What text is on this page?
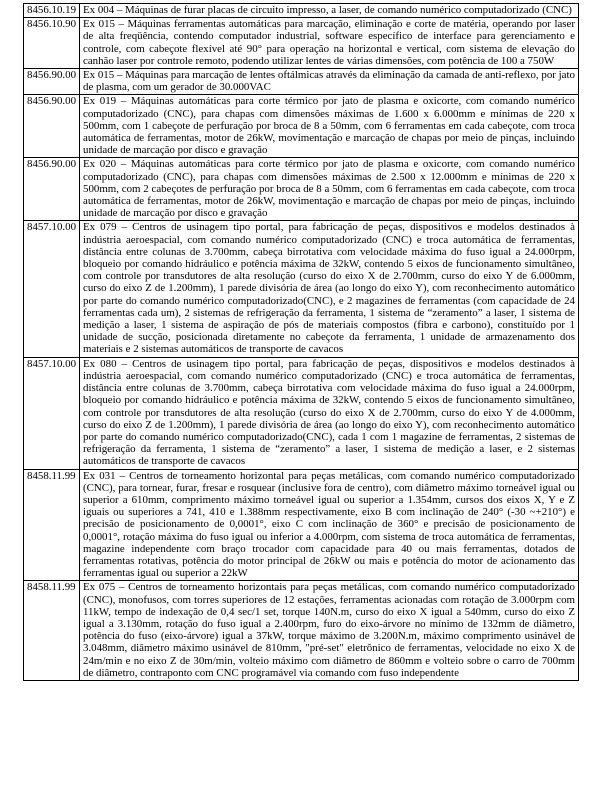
8456.10.19	Ex 004 – Máquinas de furar placas de circuito impresso, a laser, de comando numérico computadorizado (CNC)
8456.10.90	Ex 015 – Máquinas ferramentas automáticas para marcação, eliminação e corte de matéria, operando por laser de alta freqüência, contendo computador industrial, software específico de interface para gerenciamento e controle, com cabeçote flexível até 90° para operação na horizontal e vertical, com sistema de elevação do canhão laser por controle remoto, podendo utilizar lentes de várias dimensões, com potência de 100 a 750W
8456.90.00	Ex 015 – Máquinas para marcação de lentes oftálmicas através da eliminação da camada de anti-reflexo, por jato de plasma, com um gerador de 30.000VAC
8456.90.00	Ex 019 – Máquinas automáticas para corte térmico por jato de plasma e oxicorte, com comando numérico computadorizado (CNC), para chapas com dimensões máximas de 1.600 x 6.000mm e mínimas de 220 x 500mm, com 1 cabeçote de perfuração por broca de 8 a 50mm, com 6 ferramentas em cada cabeçote, com troca automática de ferramentas, motor de 26kW, movimentação e marcação de chapas por meio de pinças, incluindo unidade de marcação por disco e gravação
8456.90.00	Ex 020 – Máquinas automáticas para corte térmico por jato de plasma e oxicorte, com comando numérico computadorizado (CNC), para chapas com dimensões máximas de 2.500 x 12.000mm e mínimas de 220 x 500mm, com 2 cabeçotes de perfuração por broca de 8 a 50mm, com 6 ferramentas em cada cabeçote, com troca automática de ferramentas, motor de 26kW, movimentação e marcação de chapas por meio de pinças, incluindo unidade de marcação por disco e gravação
8457.10.00	Ex 079 – Centros de usinagem tipo portal, para fabricação de peças, dispositivos e modelos destinados à indústria aeroespacial, com comando numérico computadorizado (CNC) e troca automática de ferramentas, distância entre colunas de 3.700mm, cabeça birrotativa com velocidade máxima do fuso igual a 24.000rpm, bloqueio por comando hidráulico e potência máxima de 32kW, contendo 5 eixos de funcionamento simultâneo, com controle por transdutores de alta resolução (curso do eixo X de 2.700mm, curso do eixo Y de 6.000mm, curso do eixo Z de 1.200mm), 1 parede divisória de área (ao longo do eixo Y), com reconhecimento automático por parte do comando numérico computadorizado(CNC), e 2 magazines de ferramentas (com capacidade de 24 ferramentas cada um), 2 sistemas de refrigeração da ferramenta, 1 sistema de “zeramento” a laser, 1 sistema de medição a laser, 1 sistema de aspiração de pós de materiais compostos (fibra e carbono), constituído por 1 unidade de sucção, posicionada diretamente no cabeçote da ferramenta, 1 unidade de armazenamento dos materiais e 2 sistemas automáticos de transporte de cavacos
8457.10.00	Ex 080 – Centros de usinagem tipo portal, para fabricação de peças, dispositivos e modelos destinados à indústria aeroespacial, com comando numérico computadorizado (CNC) e troca automática de ferramentas, distância entre colunas de 3.700mm, cabeça birrotativa com velocidade máxima do fuso igual a 24.000rpm, bloqueio por comando hidráulico e potência máxima de 32kW, contendo 5 eixos de funcionamento simultâneo, com controle por transdutores de alta resolução (curso do eixo X de 2.700mm, curso do eixo Y de 4.000mm, curso do eixo Z de 1.200mm), 1 parede divisória de área (ao longo do eixo Y), com reconhecimento automático por parte do comando numérico computadorizado(CNC), cada 1 com 1 magazine de ferramentas, 2 sistemas de refrigeração da ferramenta, 1 sistema de “zeramento” a laser, 1 sistema de medição a laser, e 2 sistemas automáticos de transporte de cavacos
8458.11.99	Ex 031 – Centros de torneamento horizontal para peças metálicas, com comando numérico computadorizado (CNC), para tornear, furar, fresar e rosquear (inclusive fora de centro), com diâmetro máximo torneável igual ou superior a 610mm, comprimento máximo torneável igual ou superior a 1.354mm, cursos dos eixos X, Y e Z iguais ou superiores a 741, 410 e 1.388mm respectivamente, eixo B com inclinação de 240° (-30 ~+210°) e precisão de posicionamento de 0,0001°, eixo C com inclinação de 360° e precisão de posicionamento de 0,0001°, rotação máxima do fuso igual ou inferior a 4.000rpm, com sistema de troca automática de ferramentas, magazine independente com braço trocador com capacidade para 40 ou mais ferramentas, dotados de ferramentas rotativas, potência do motor principal de 26kW ou mais e potência do motor de acionamento das ferramentas igual ou superior a 22kW
8458.11.99	Ex 075 – Centros de torneamento horizontais para peças metálicas, com comando numérico computadorizado (CNC), monofusos, com torres superiores de 12 estações, ferramentas acionadas com rotação de 3.000rpm com 11kW, tempo de indexação de 0,4 sec/1 set, torque 140N.m, curso do eixo X igual a 540mm, curso do eixo Z igual a 3.130mm, rotação do fuso igual a 2.400rpm, furo do eixo-árvore no mínimo de 132mm de diâmetro, potência do fuso (eixo-árvore) igual a 37kW, torque máximo de 3.200N.m, máximo comprimento usinável de 3.048mm, diâmetro máximo usinável de 810mm, "pré-set" eletrônico de ferramentas, velocidade no eixo X de 24m/min e no eixo Z de 30m/min, volteio máximo com diâmetro de 860mm e volteio sobre o carro de 700mm de diâmetro, contraponto com CNC programável via comando com fuso independente
